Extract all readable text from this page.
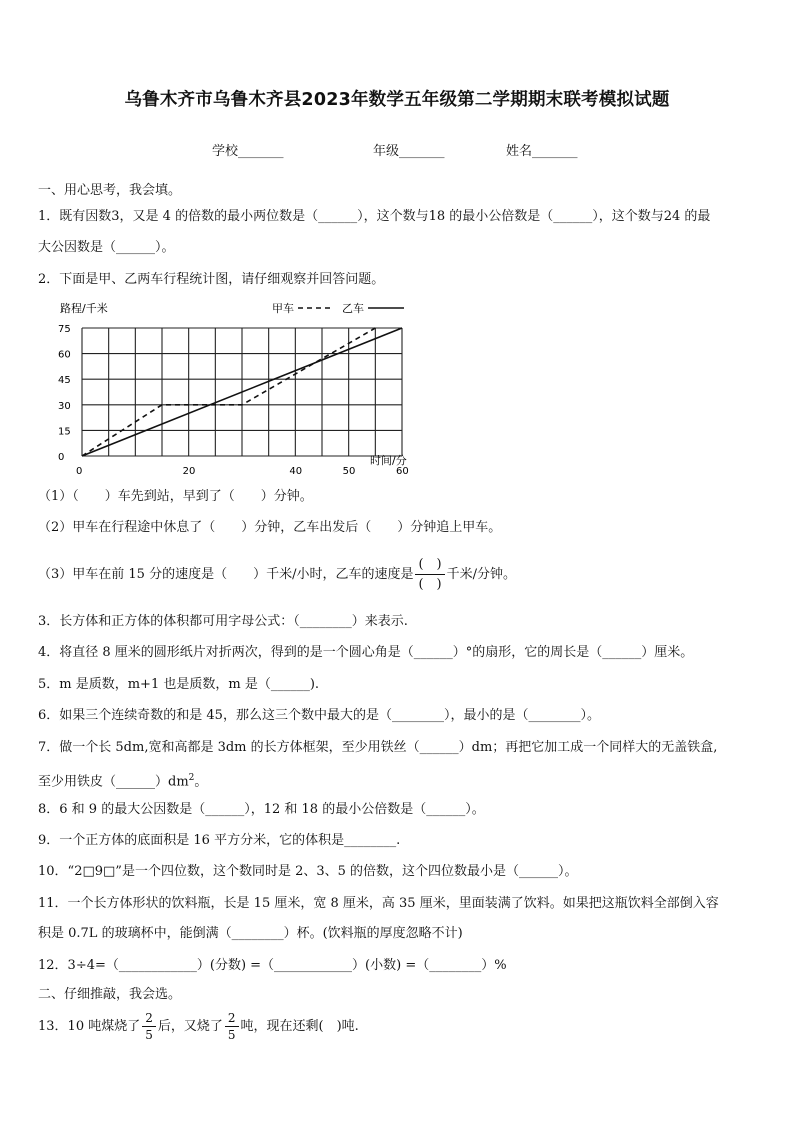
乌鲁木齐市乌鲁木齐县2023年数学五年级第二学期期末联考模拟试题
学校_______	年级_______	姓名_______
一、用心思考，我会填。
1．既有因数3，又是 4 的倍数的最小两位数是（______），这个数与18 的最小公倍数是（______），这个数与24 的最
大公因数是（______）。
2．下面是甲、乙两车行程统计图，请仔细观察并回答问题。
0
15
30
45
60
75
0	20	40	50	60
路程/千米
时间/分
甲车	乙车
（1）（　　）车先到站，早到了（　　）分钟。
（2）甲车在行程途中休息了（　　）分钟，乙车出发后（　　）分钟追上甲车。
（3）甲车在前 15 分的速度是（　　）千米/小时，乙车的速度是 $\frac{( )}{( )}$ 千米/分钟。
3．长方体和正方体的体积都可用字母公式：（________）来表示.
4．将直径 8 厘米的圆形纸片对折两次，得到的是一个圆心角是（______）°的扇形，它的周长是（______）厘米。
5．m 是质数，m+1 也是质数，m 是（______).
6．如果三个连续奇数的和是 45，那么这三个数中最大的是（________），最小的是（________）。
7．做一个长 5dm,宽和高都是 3dm 的长方体框架，至少用铁丝（______）dm；再把它加工成一个同样大的无盖铁盒,
至少用铁皮$(\_\_\_\_\_\_)dm^2$。
8．6 和 9 的最大公因数是（______），12 和 18 的最小公倍数是（______）。
9．一个正方体的底面积是 16 平方分米，它的体积是________.
10．“2□9□”是一个四位数，这个数同时是 2、3、5 的倍数，这个四位数最小是（______）。
11．一个长方体形状的饮料瓶，长是 15 厘米，宽 8 厘米，高 35 厘米，里面装满了饮料。如果把这瓶饮料全部倒入容
积是 0.7L 的玻璃杯中，能倒满（________）杯。(饮料瓶的厚度忽略不计)
12．3÷4=（____________）(分数) =（____________）(小数) =（________）%
二、仔细推敲，我会选。
13．10 吨煤烧了 $\frac{2}{5}$ 后，又烧了 $\frac{2}{5}$ 吨，现在还剩(　)吨.
